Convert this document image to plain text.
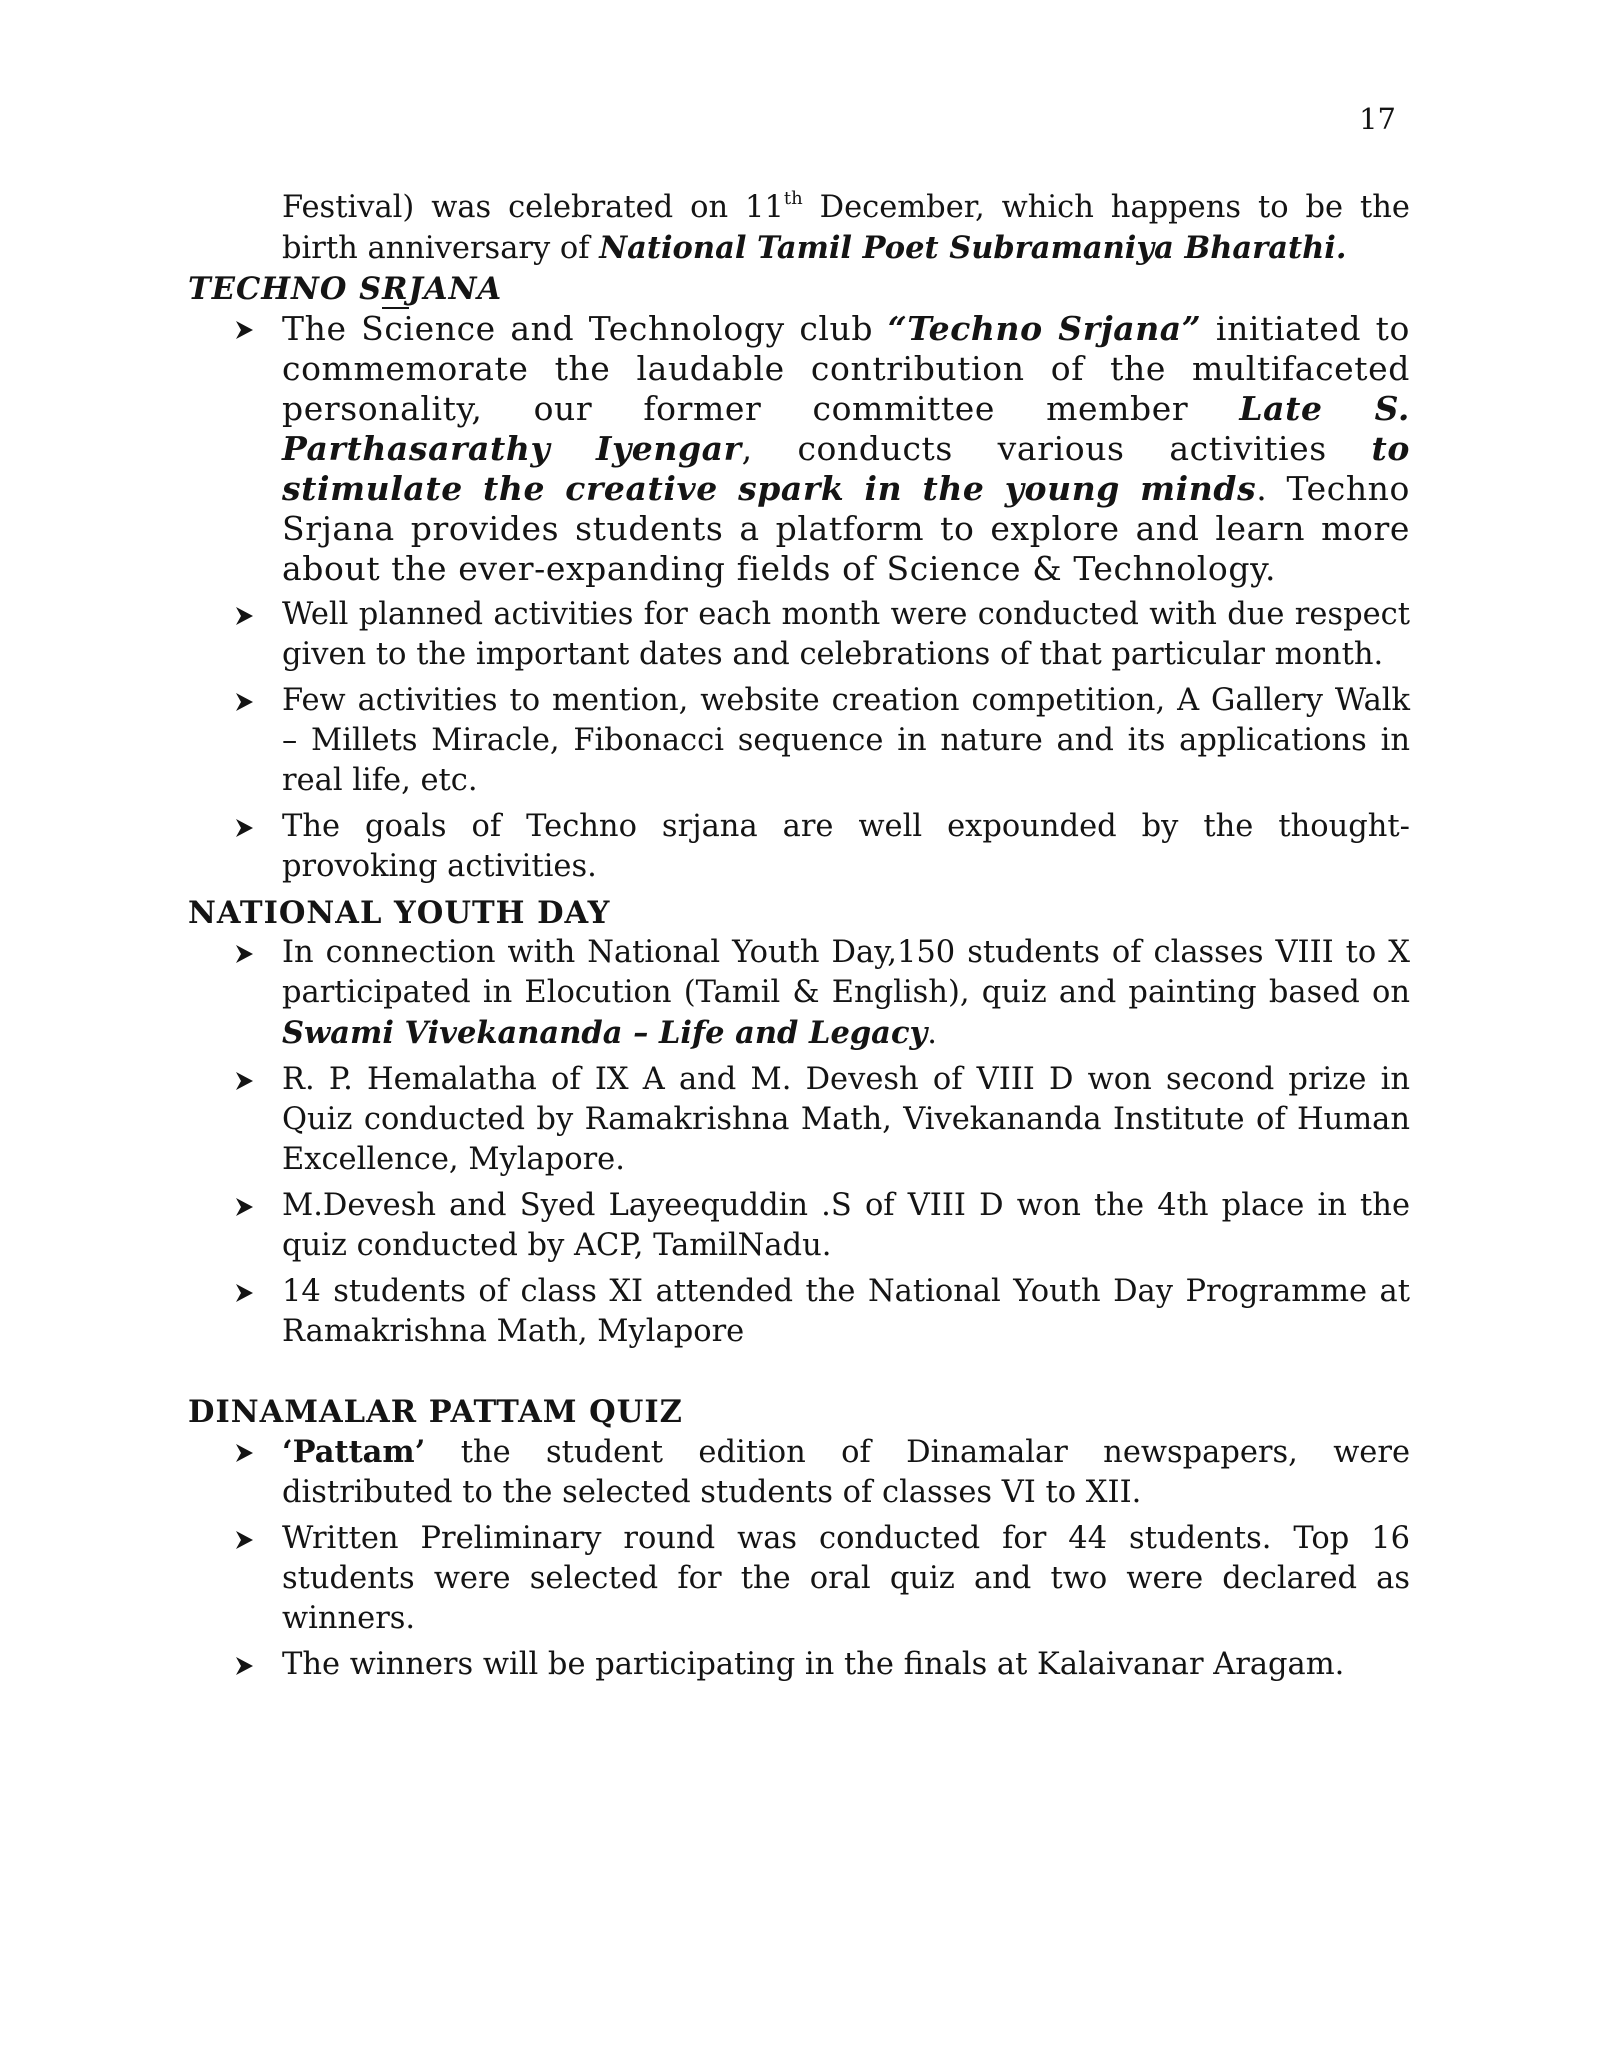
17

Festival) was celebrated on 11th December, which happens to be the birth anniversary of National Tamil Poet Subramaniya Bharathi.

TECHNO SRJANA
The Science and Technology club “Techno Srjana” initiated to commemorate the laudable contribution of the multifaceted personality, our former committee member Late S. Parthasarathy Iyengar, conducts various activities to stimulate the creative spark in the young minds. Techno Srjana provides students a platform to explore and learn more about the ever-expanding fields of Science & Technology.
Well planned activities for each month were conducted with due respect given to the important dates and celebrations of that particular month.
Few activities to mention, website creation competition, A Gallery Walk – Millets Miracle, Fibonacci sequence in nature and its applications in real life, etc.
The goals of Techno srjana are well expounded by the thought-provoking activities.
NATIONAL YOUTH DAY
In connection with National Youth Day,150 students of classes VIII to X participated in Elocution (Tamil & English), quiz and painting based on Swami Vivekananda – Life and Legacy.
R. P. Hemalatha of IX A and M. Devesh of VIII D won second prize in Quiz conducted by Ramakrishna Math, Vivekananda Institute of Human Excellence, Mylapore.
M.Devesh and Syed Layeequddin .S of VIII D won the 4th place in the quiz conducted by ACP, TamilNadu.
14 students of class XI attended the National Youth Day Programme at Ramakrishna Math, Mylapore
DINAMALAR PATTAM QUIZ
‘Pattam’ the student edition of Dinamalar newspapers, were distributed to the selected students of classes VI to XII.
Written Preliminary round was conducted for 44 students. Top 16 students were selected for the oral quiz and two were declared as winners.
The winners will be participating in the finals at Kalaivanar Aragam.
